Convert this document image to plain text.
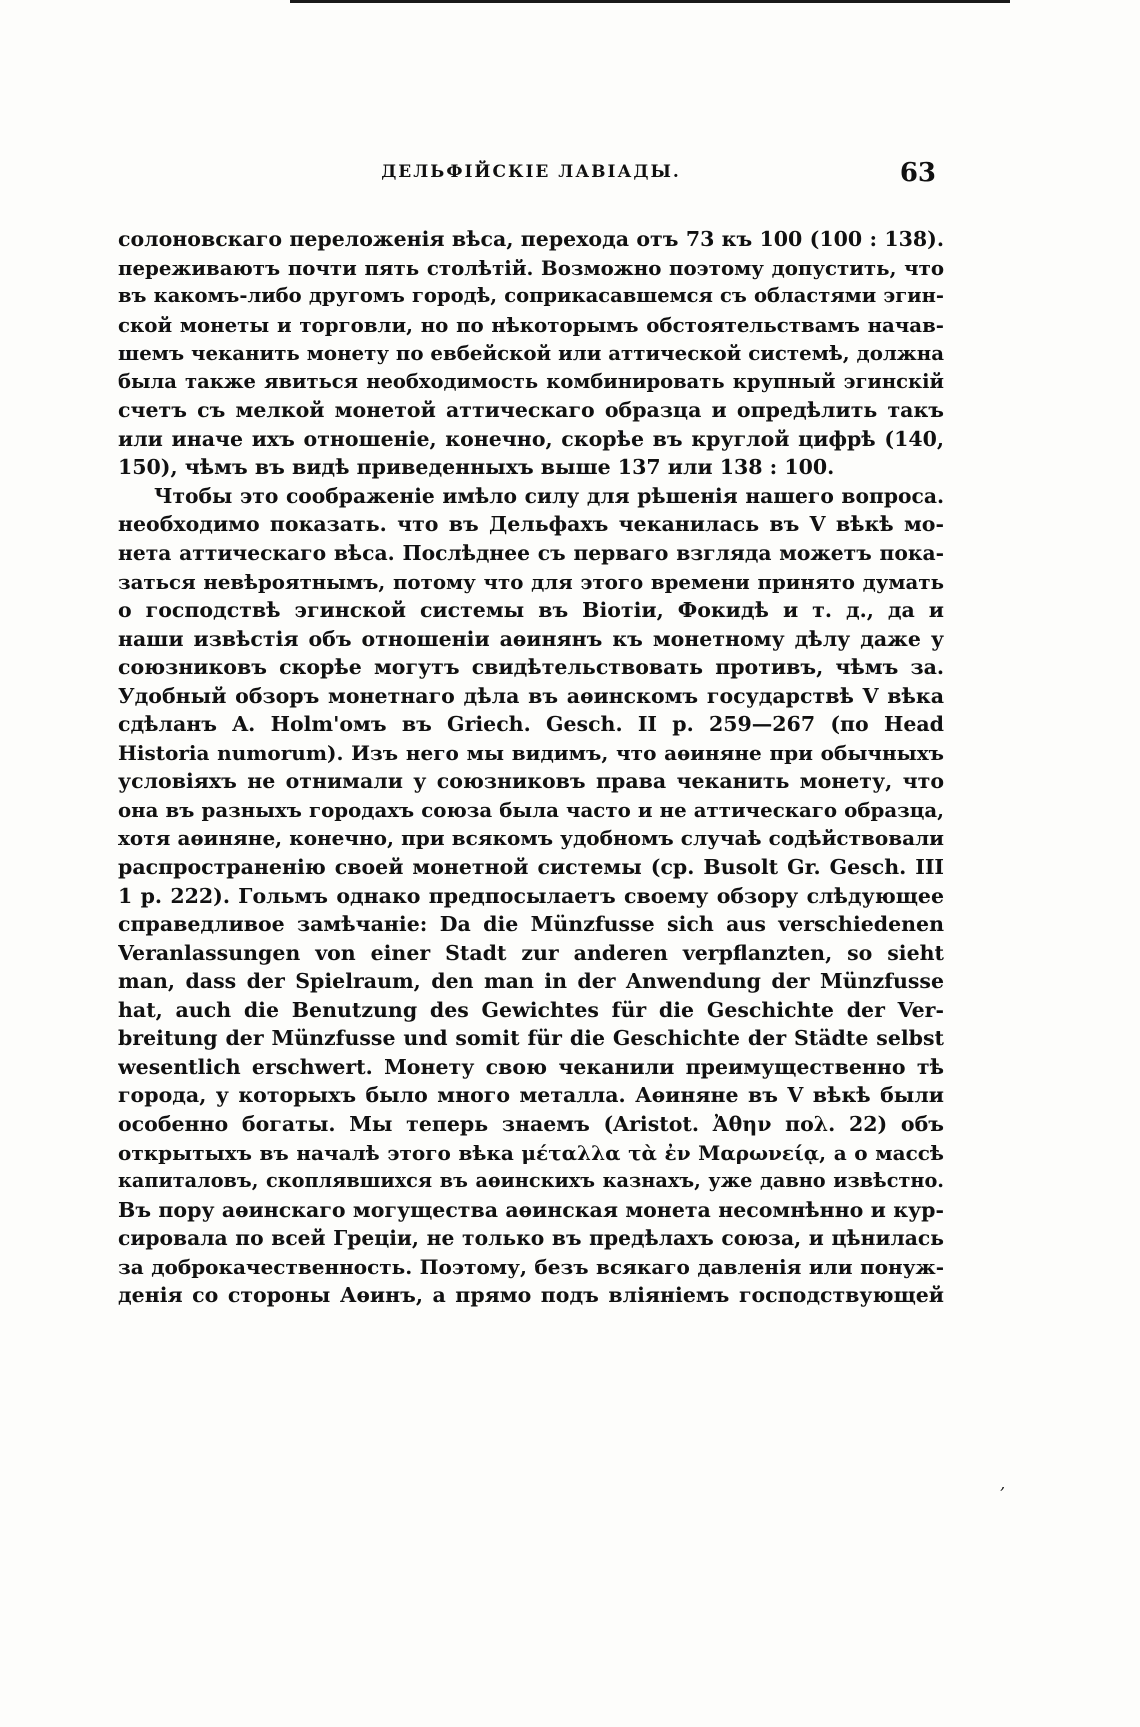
ДЕЛЬФІЙСКІЕ ЛАВІАДЫ.	63
солоновскаго переложенія вѣса, перехода отъ 73 къ 100 (100 : 138).
переживаютъ почти пять столѣтій. Возможно поэтому допустить, что
въ какомъ-либо другомъ городѣ, соприкасавшемся съ областями эгин-
ской монеты и торговли, но по нѣкоторымъ обстоятельствамъ начав-
шемъ чеканить монету по евбейской или аттической системѣ, должна
была также явиться необходимость комбинировать крупный эгинскій
счетъ съ мелкой монетой аттическаго образца и опредѣлить такъ
или иначе ихъ отношеніе, конечно, скорѣе въ круглой цифрѣ (140,
150), чѣмъ въ видѣ приведенныхъ выше 137 или 138 : 100.
Чтобы это соображеніе имѣло силу для рѣшенія нашего вопроса.
необходимо показать. что въ Дельфахъ чеканилась въ V вѣкѣ мо-
нета аттическаго вѣса. Послѣднее съ перваго взгляда можетъ пока-
заться невѣроятнымъ, потому что для этого времени принято думать
о господствѣ эгинской системы въ Віотіи, Фокидѣ и т. д., да и
наши извѣстія объ отношеніи аѳинянъ къ монетному дѣлу даже у
союзниковъ скорѣе могутъ свидѣтельствовать противъ, чѣмъ за.
Удобный обзоръ монетнаго дѣла въ аѳинскомъ государствѣ V вѣка
сдѣланъ A. Holm'омъ въ Griech. Gesch. II p. 259—267 (по Head
Historia numorum). Изъ него мы видимъ, что аѳиняне при обычныхъ
условіяхъ не отнимали у союзниковъ права чеканить монету, что
она въ разныхъ городахъ союза была часто и не аттическаго образца,
хотя аѳиняне, конечно, при всякомъ удобномъ случаѣ содѣйствовали
распространенію своей монетной системы (ср. Busolt Gr. Gesch. III
1 p. 222). Гольмъ однако предпосылаетъ своему обзору слѣдующее
справедливое замѣчаніе: Da die Münzfusse sich aus verschiedenen
Veranlassungen von einer Stadt zur anderen verpflanzten, so sieht
man, dass der Spielraum, den man in der Anwendung der Münzfusse
hat, auch die Benutzung des Gewichtes für die Geschichte der Ver-
breitung der Münzfusse und somit für die Geschichte der Städte selbst
wesentlich erschwert. Монету свою чеканили преимущественно тѣ
города, у которыхъ было много металла. Аѳиняне въ V вѣкѣ были
особенно богаты. Мы теперь знаемъ (Aristot. Ἀθην πολ. 22) объ
открытыхъ въ началѣ этого вѣка μέταλλα τὰ ἐν Μαρωνείᾳ, а о массѣ
капиталовъ, скоплявшихся въ аѳинскихъ казнахъ, уже давно извѣстно.
Въ пору аѳинскаго могущества аѳинская монета несомнѣнно и кур-
сировала по всей Греціи, не только въ предѣлахъ союза, и цѣнилась
за доброкачественность. Поэтому, безъ всякаго давленія или понуж-
денія со стороны Аѳинъ, а прямо подъ вліяніемъ господствующей
‚
